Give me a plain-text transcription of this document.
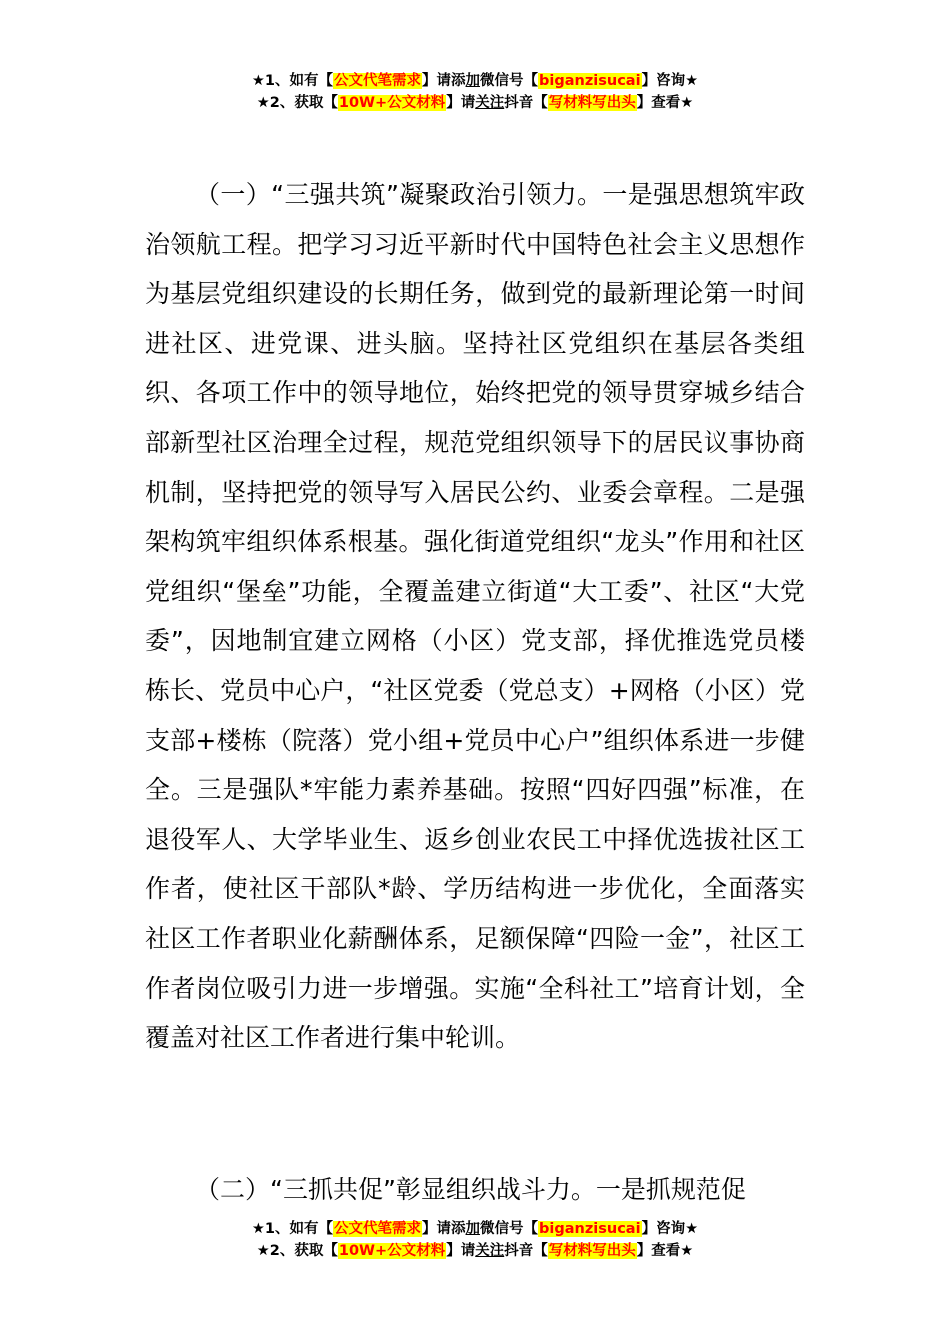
★1、如有【公文代笔需求】请添加微信号【biganzisucai】咨询★
★2、获取【10W+公文材料】请关注抖音【写材料写出头】查看★

（一）“三强共筑”凝聚政治引领力。一是强思想筑牢政治领航工程。把学习习近平新时代中国特色社会主义思想作为基层党组织建设的长期任务，做到党的最新理论第一时间进社区、进党课、进头脑。坚持社区党组织在基层各类组织、各项工作中的领导地位，始终把党的领导贯穿城乡结合部新型社区治理全过程，规范党组织领导下的居民议事协商机制，坚持把党的领导写入居民公约、业委会章程。二是强架构筑牢组织体系根基。强化街道党组织“龙头”作用和社区党组织“堡垒”功能，全覆盖建立街道“大工委”、社区“大党委”，因地制宜建立网格（小区）党支部，择优推选党员楼栋长、党员中心户，“社区党委（党总支）+网格（小区）党支部+楼栋（院落）党小组+党员中心户”组织体系进一步健全。三是强队*牢能力素养基础。按照“四好四强”标准，在退役军人、大学毕业生、返乡创业农民工中择优选拔社区工作者，使社区干部队*龄、学历结构进一步优化，全面落实社区工作者职业化薪酬体系，足额保障“四险一金”，社区工作者岗位吸引力进一步增强。实施“全科社工”培育计划，全覆盖对社区工作者进行集中轮训。

（二）“三抓共促”彰显组织战斗力。一是抓规范促

★1、如有【公文代笔需求】请添加微信号【biganzisucai】咨询★
★2、获取【10W+公文材料】请关注抖音【写材料写出头】查看★
